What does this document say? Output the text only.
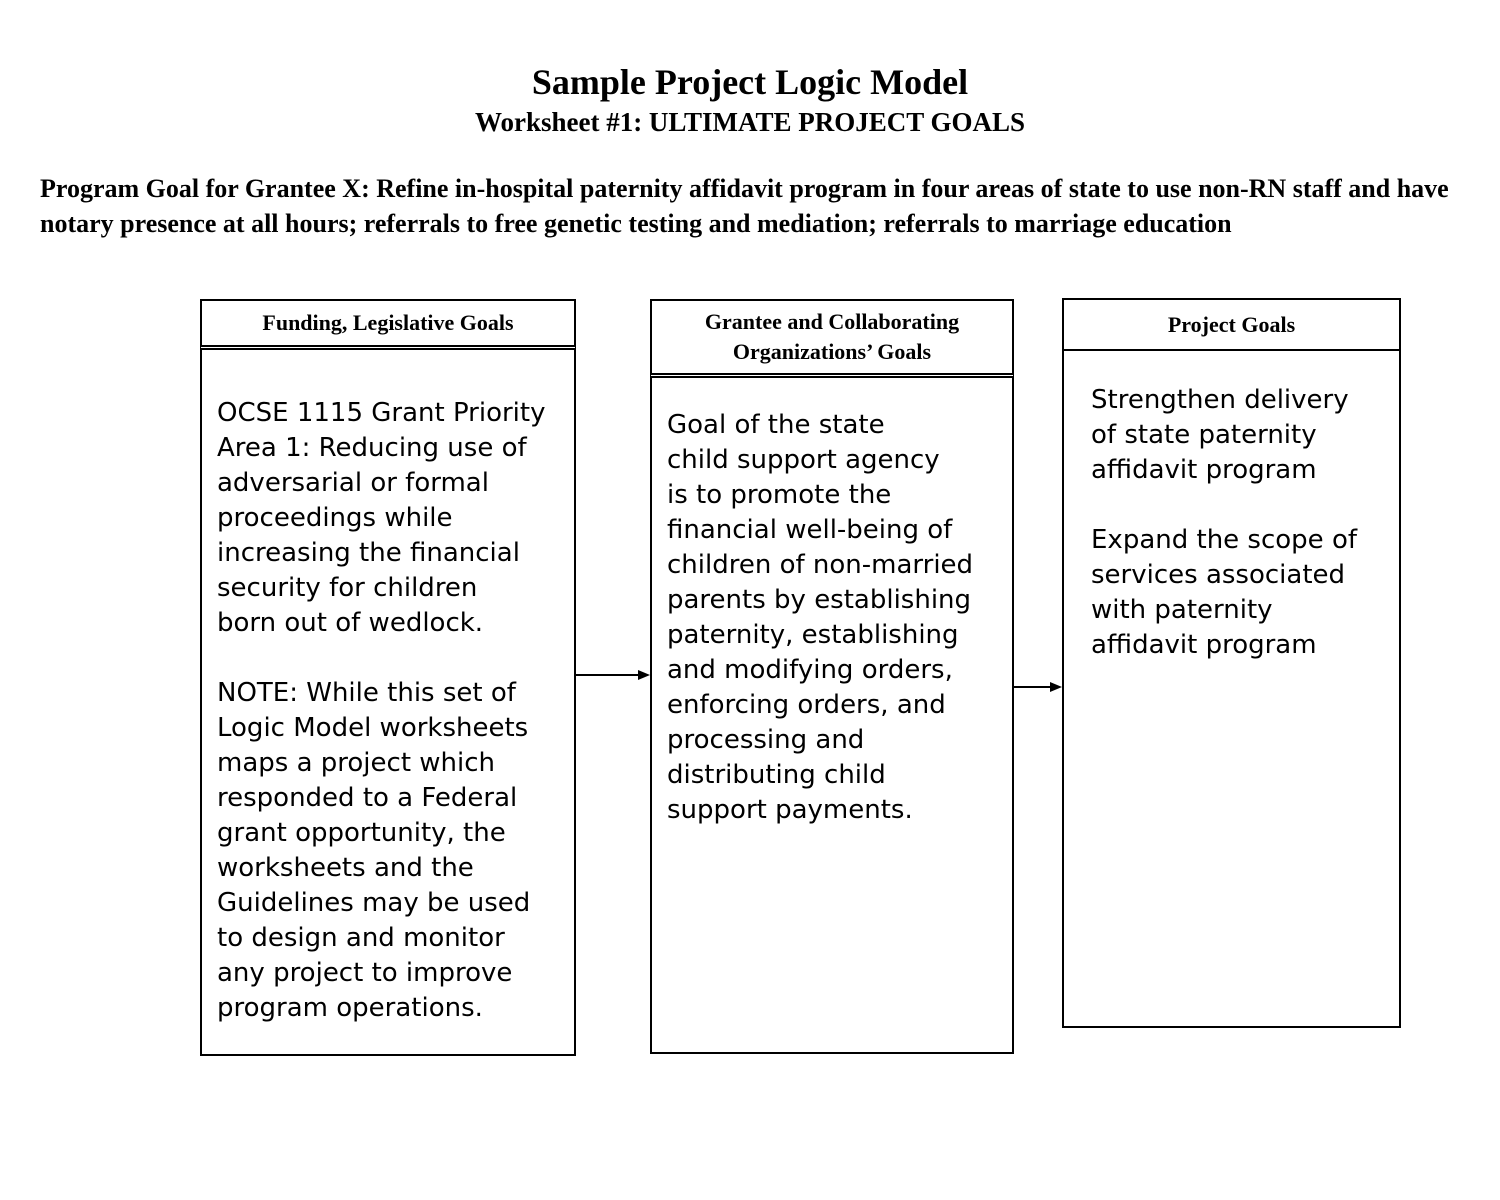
Sample Project Logic Model
Worksheet #1: ULTIMATE PROJECT GOALS
Program Goal for Grantee X: Refine in-hospital paternity affidavit program in four areas of state to use non-RN staff and have notary presence at all hours; referrals to free genetic testing and mediation; referrals to marriage education
Funding, Legislative Goals

OCSE 1115 Grant Priority
Area 1: Reducing use of
adversarial or formal
proceedings while
increasing the financial
security for children
born out of wedlock.

NOTE: While this set of
Logic Model worksheets
maps a project which
responded to a Federal
grant opportunity, the
worksheets and the
Guidelines may be used
to design and monitor
any project to improve
program operations.

Grantee and Collaborating
Organizations’ Goals

Goal of the state
child support agency
is to promote the
financial well-being of
children of non-married
parents by establishing
paternity, establishing
and modifying orders,
enforcing orders, and
processing and
distributing child
support payments.

Project Goals

Strengthen delivery
of state paternity
affidavit program

Expand the scope of
services associated
with paternity
affidavit program
